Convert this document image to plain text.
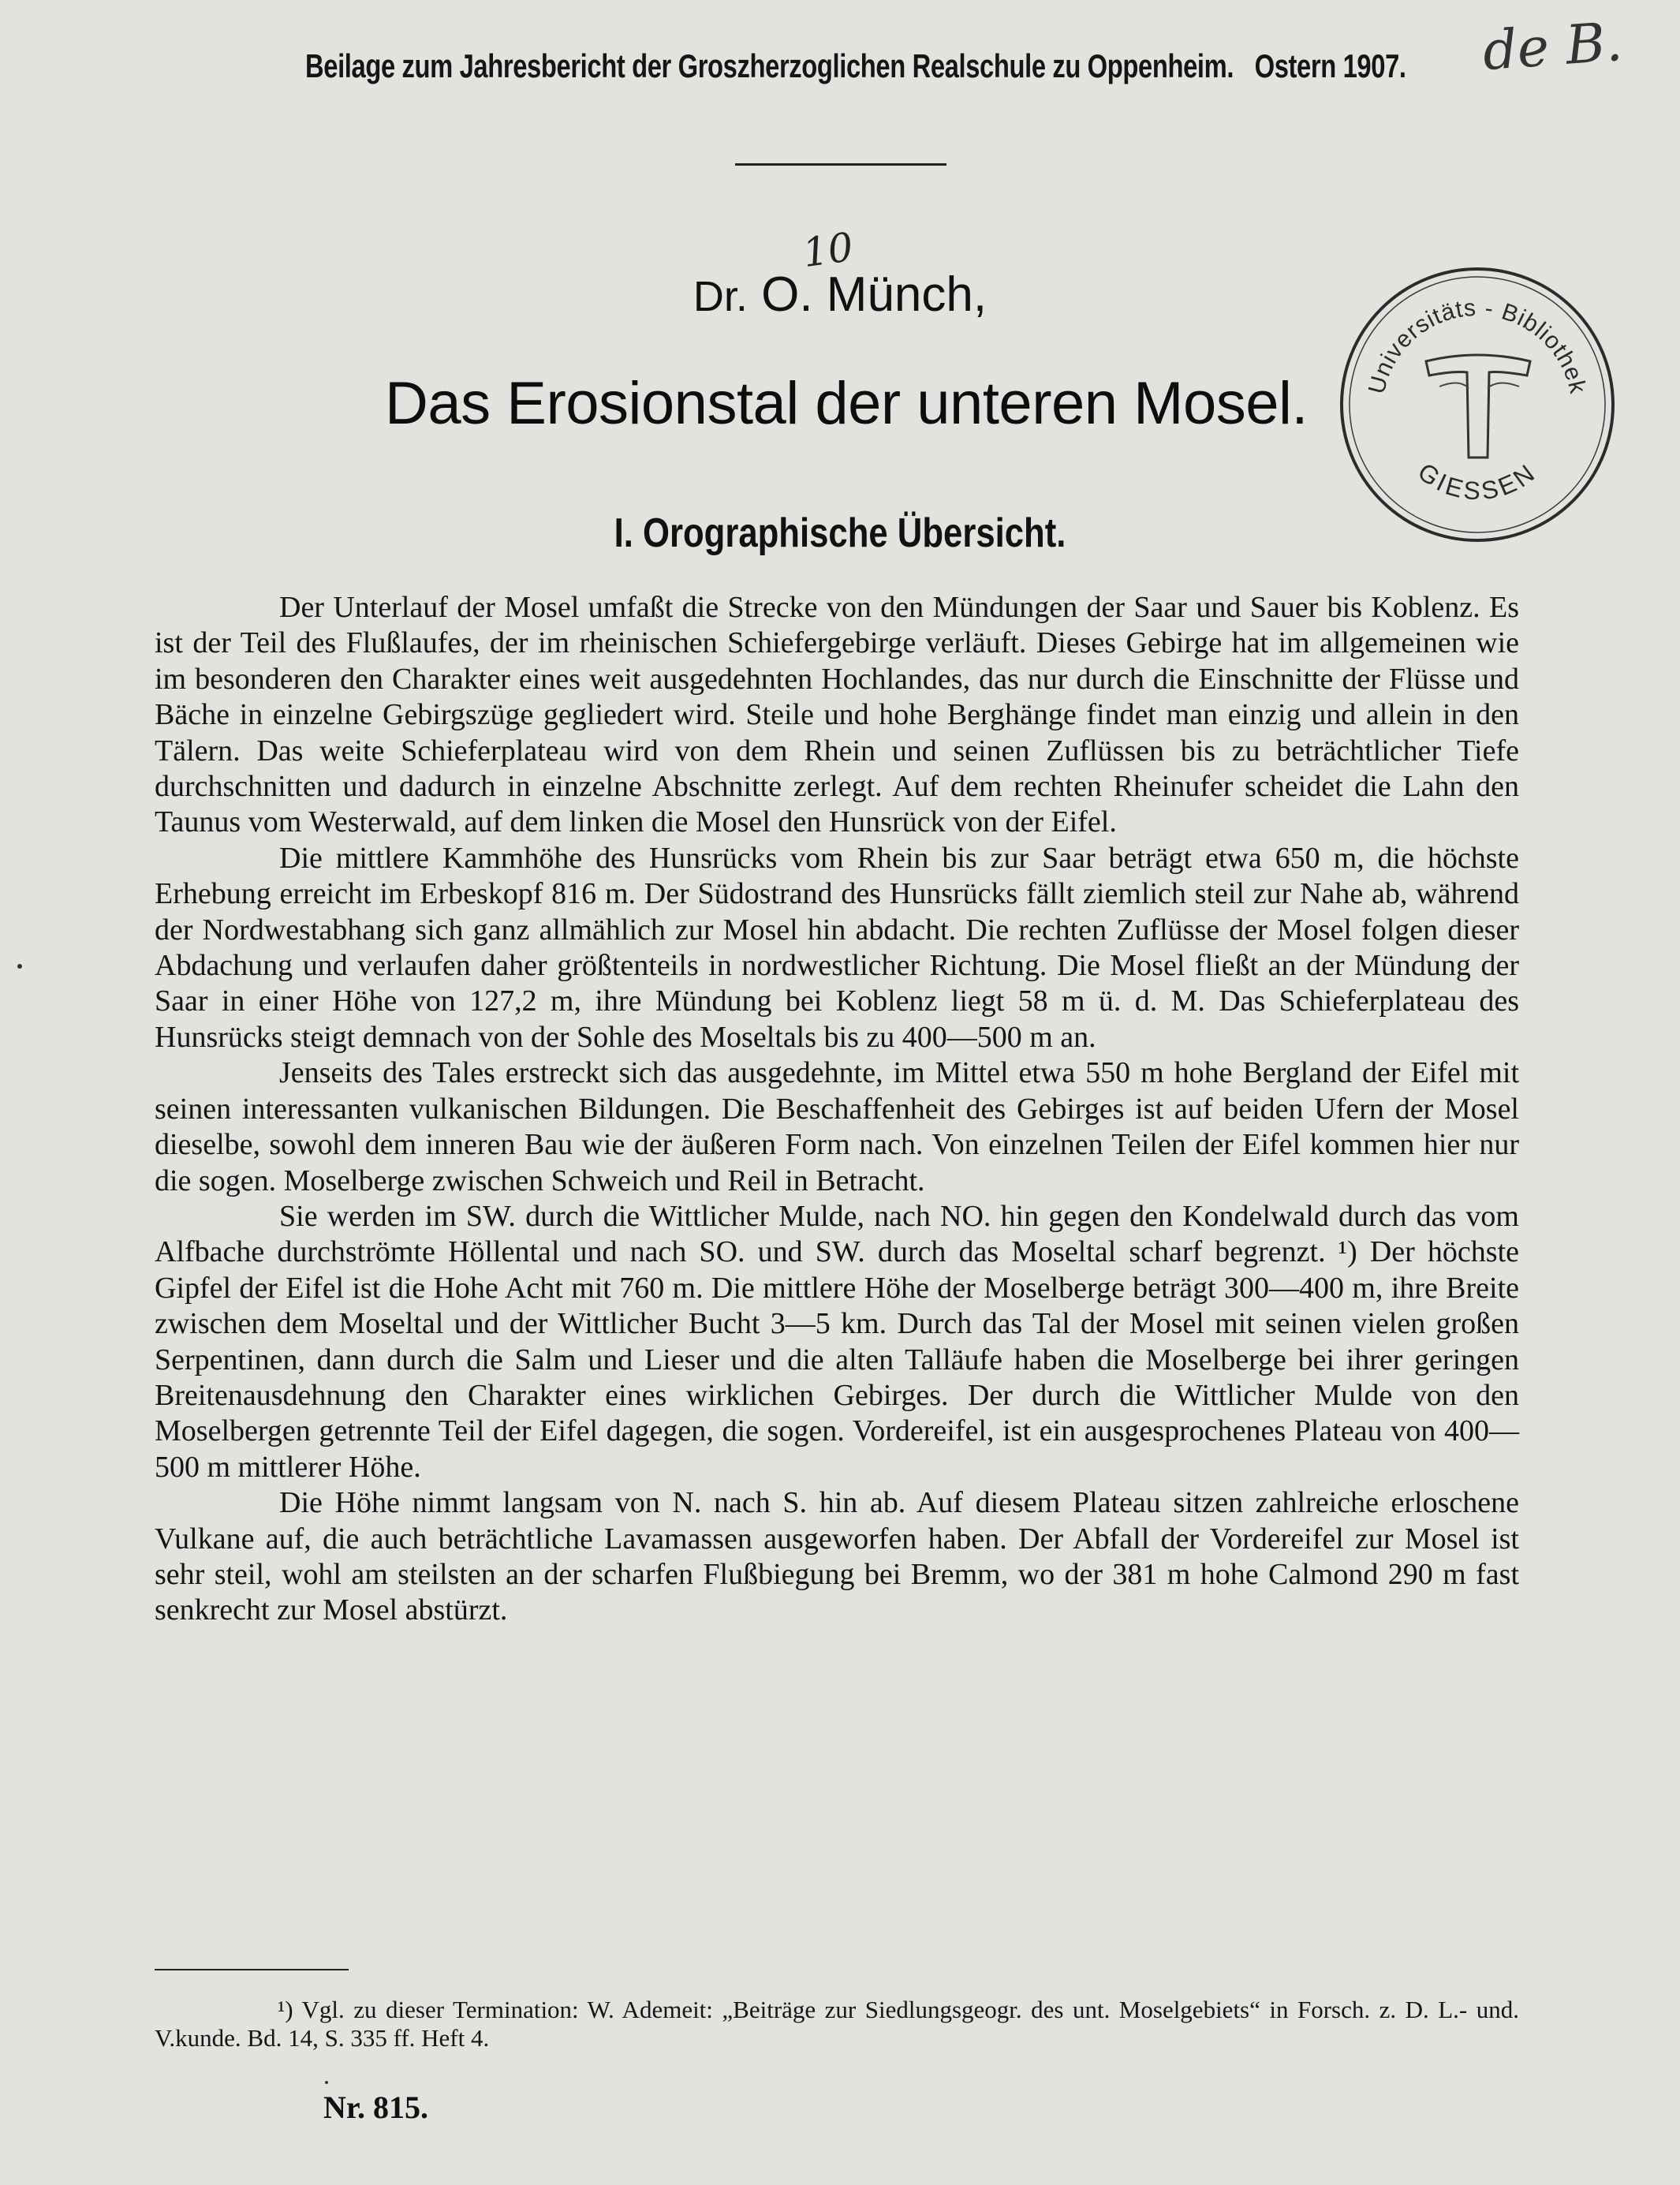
Beilage zum Jahresbericht der Groszherzoglichen Realschule zu Oppenheim. Ostern 1907. de B.
10
Dr. O. Münch,
Das Erosionstal der unteren Mosel.
I. Orographische Übersicht.
Universitäts - Bibliothek
GIESSEN

Der Unterlauf der Mosel umfaßt die Strecke von den Mündungen der Saar und Sauer bis Koblenz. Es ist der Teil des Flußlaufes, der im rheinischen Schiefergebirge verläuft. Dieses Gebirge hat im allgemeinen wie im besonderen den Charakter eines weit ausgedehnten Hochlandes, das nur durch die Einschnitte der Flüsse und Bäche in einzelne Gebirgszüge gegliedert wird. Steile und hohe Berghänge findet man einzig und allein in den Tälern. Das weite Schieferplateau wird von dem Rhein und seinen Zuflüssen bis zu beträchtlicher Tiefe durchschnitten und dadurch in einzelne Abschnitte zerlegt. Auf dem rechten Rheinufer scheidet die Lahn den Taunus vom Westerwald, auf dem linken die Mosel den Hunsrück von der Eifel.

Die mittlere Kammhöhe des Hunsrücks vom Rhein bis zur Saar beträgt etwa 650 m, die höchste Erhebung erreicht im Erbeskopf 816 m. Der Südostrand des Hunsrücks fällt ziemlich steil zur Nahe ab, während der Nordwestabhang sich ganz allmählich zur Mosel hin abdacht. Die rechten Zuflüsse der Mosel folgen dieser Abdachung und verlaufen daher größtenteils in nordwestlicher Richtung. Die Mosel fließt an der Mündung der Saar in einer Höhe von 127,2 m, ihre Mündung bei Koblenz liegt 58 m ü. d. M. Das Schieferplateau des Hunsrücks steigt demnach von der Sohle des Moseltals bis zu 400—500 m an.

Jenseits des Tales erstreckt sich das ausgedehnte, im Mittel etwa 550 m hohe Bergland der Eifel mit seinen interessanten vulkanischen Bildungen. Die Beschaffenheit des Gebirges ist auf beiden Ufern der Mosel dieselbe, sowohl dem inneren Bau wie der äußeren Form nach. Von einzelnen Teilen der Eifel kommen hier nur die sogen. Moselberge zwischen Schweich und Reil in Betracht.

Sie werden im SW. durch die Wittlicher Mulde, nach NO. hin gegen den Kondelwald durch das vom Alfbache durchströmte Höllental und nach SO. und SW. durch das Moseltal scharf begrenzt. ¹) Der höchste Gipfel der Eifel ist die Hohe Acht mit 760 m. Die mittlere Höhe der Moselberge beträgt 300—400 m, ihre Breite zwischen dem Moseltal und der Wittlicher Bucht 3—5 km. Durch das Tal der Mosel mit seinen vielen großen Serpentinen, dann durch die Salm und Lieser und die alten Talläufe haben die Moselberge bei ihrer geringen Breitenausdehnung den Charakter eines wirklichen Gebirges. Der durch die Wittlicher Mulde von den Moselbergen getrennte Teil der Eifel dagegen, die sogen. Vordereifel, ist ein ausgesprochenes Plateau von 400—500 m mittlerer Höhe.

Die Höhe nimmt langsam von N. nach S. hin ab. Auf diesem Plateau sitzen zahlreiche erloschene Vulkane auf, die auch beträchtliche Lavamassen ausgeworfen haben. Der Abfall der Vordereifel zur Mosel ist sehr steil, wohl am steilsten an der scharfen Flußbiegung bei Bremm, wo der 381 m hohe Calmond 290 m fast senkrecht zur Mosel abstürzt.

¹) Vgl. zu dieser Termination: W. Ademeit: „Beiträge zur Siedlungsgeogr. des unt. Moselgebiets“ in Forsch. z. D. L.- und. V.kunde. Bd. 14, S. 335 ff. Heft 4.
Nr. 815.
